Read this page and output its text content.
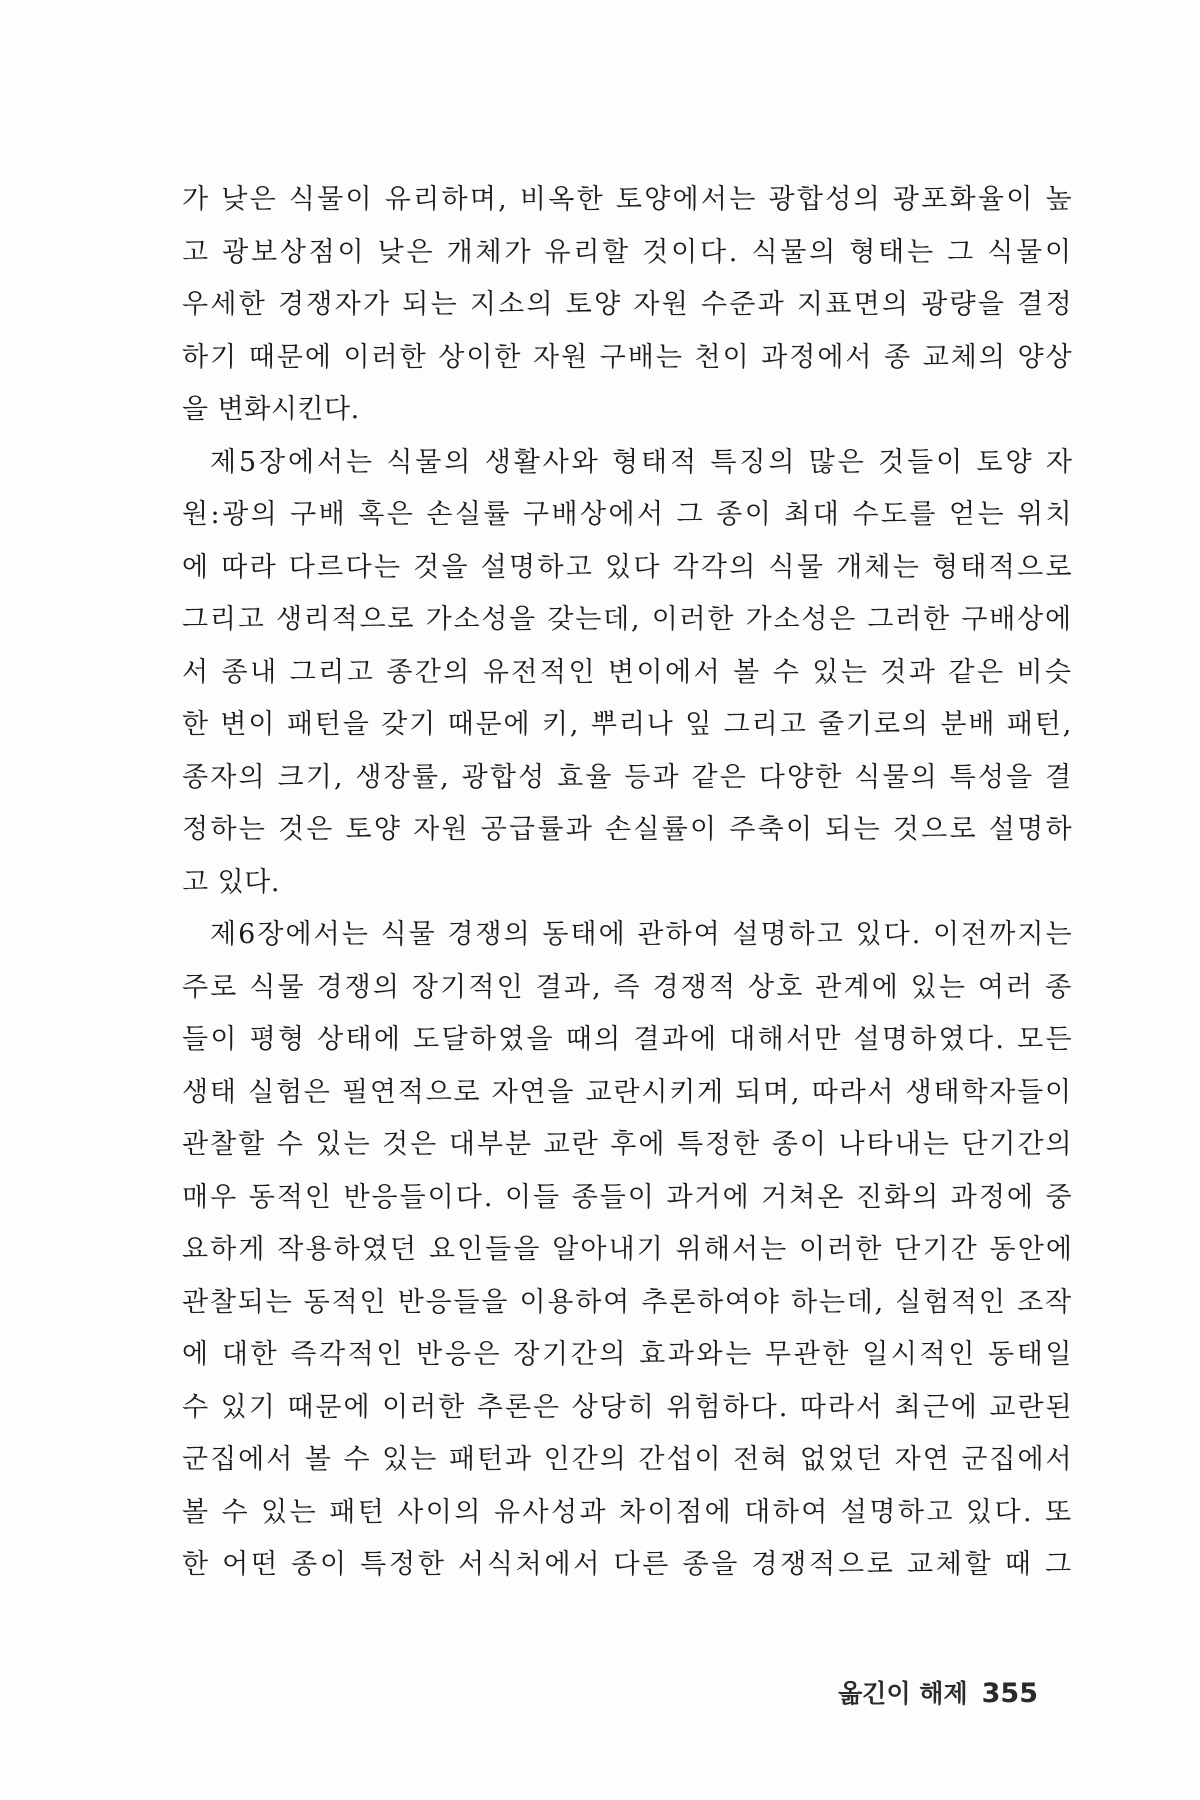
가 낮은 식물이 유리하며, 비옥한 토양에서는 광합성의 광포화율이 높
고 광보상점이 낮은 개체가 유리할 것이다. 식물의 형태는 그 식물이
우세한 경쟁자가 되는 지소의 토양 자원 수준과 지표면의 광량을 결정
하기 때문에 이러한 상이한 자원 구배는 천이 과정에서 종 교체의 양상
을 변화시킨다.
제5장에서는 식물의 생활사와 형태적 특징의 많은 것들이 토양 자
원:광의 구배 혹은 손실률 구배상에서 그 종이 최대 수도를 얻는 위치
에 따라 다르다는 것을 설명하고 있다 각각의 식물 개체는 형태적으로
그리고 생리적으로 가소성을 갖는데, 이러한 가소성은 그러한 구배상에
서 종내 그리고 종간의 유전적인 변이에서 볼 수 있는 것과 같은 비슷
한 변이 패턴을 갖기 때문에 키, 뿌리나 잎 그리고 줄기로의 분배 패턴,
종자의 크기, 생장률, 광합성 효율 등과 같은 다양한 식물의 특성을 결
정하는 것은 토양 자원 공급률과 손실률이 주축이 되는 것으로 설명하
고 있다.
제6장에서는 식물 경쟁의 동태에 관하여 설명하고 있다. 이전까지는
주로 식물 경쟁의 장기적인 결과, 즉 경쟁적 상호 관계에 있는 여러 종
들이 평형 상태에 도달하였을 때의 결과에 대해서만 설명하였다. 모든
생태 실험은 필연적으로 자연을 교란시키게 되며, 따라서 생태학자들이
관찰할 수 있는 것은 대부분 교란 후에 특정한 종이 나타내는 단기간의
매우 동적인 반응들이다. 이들 종들이 과거에 거쳐온 진화의 과정에 중
요하게 작용하였던 요인들을 알아내기 위해서는 이러한 단기간 동안에
관찰되는 동적인 반응들을 이용하여 추론하여야 하는데, 실험적인 조작
에 대한 즉각적인 반응은 장기간의 효과와는 무관한 일시적인 동태일
수 있기 때문에 이러한 추론은 상당히 위험하다. 따라서 최근에 교란된
군집에서 볼 수 있는 패턴과 인간의 간섭이 전혀 없었던 자연 군집에서
볼 수 있는 패턴 사이의 유사성과 차이점에 대하여 설명하고 있다. 또
한 어떤 종이 특정한 서식처에서 다른 종을 경쟁적으로 교체할 때 그

옮긴이 해제 355
